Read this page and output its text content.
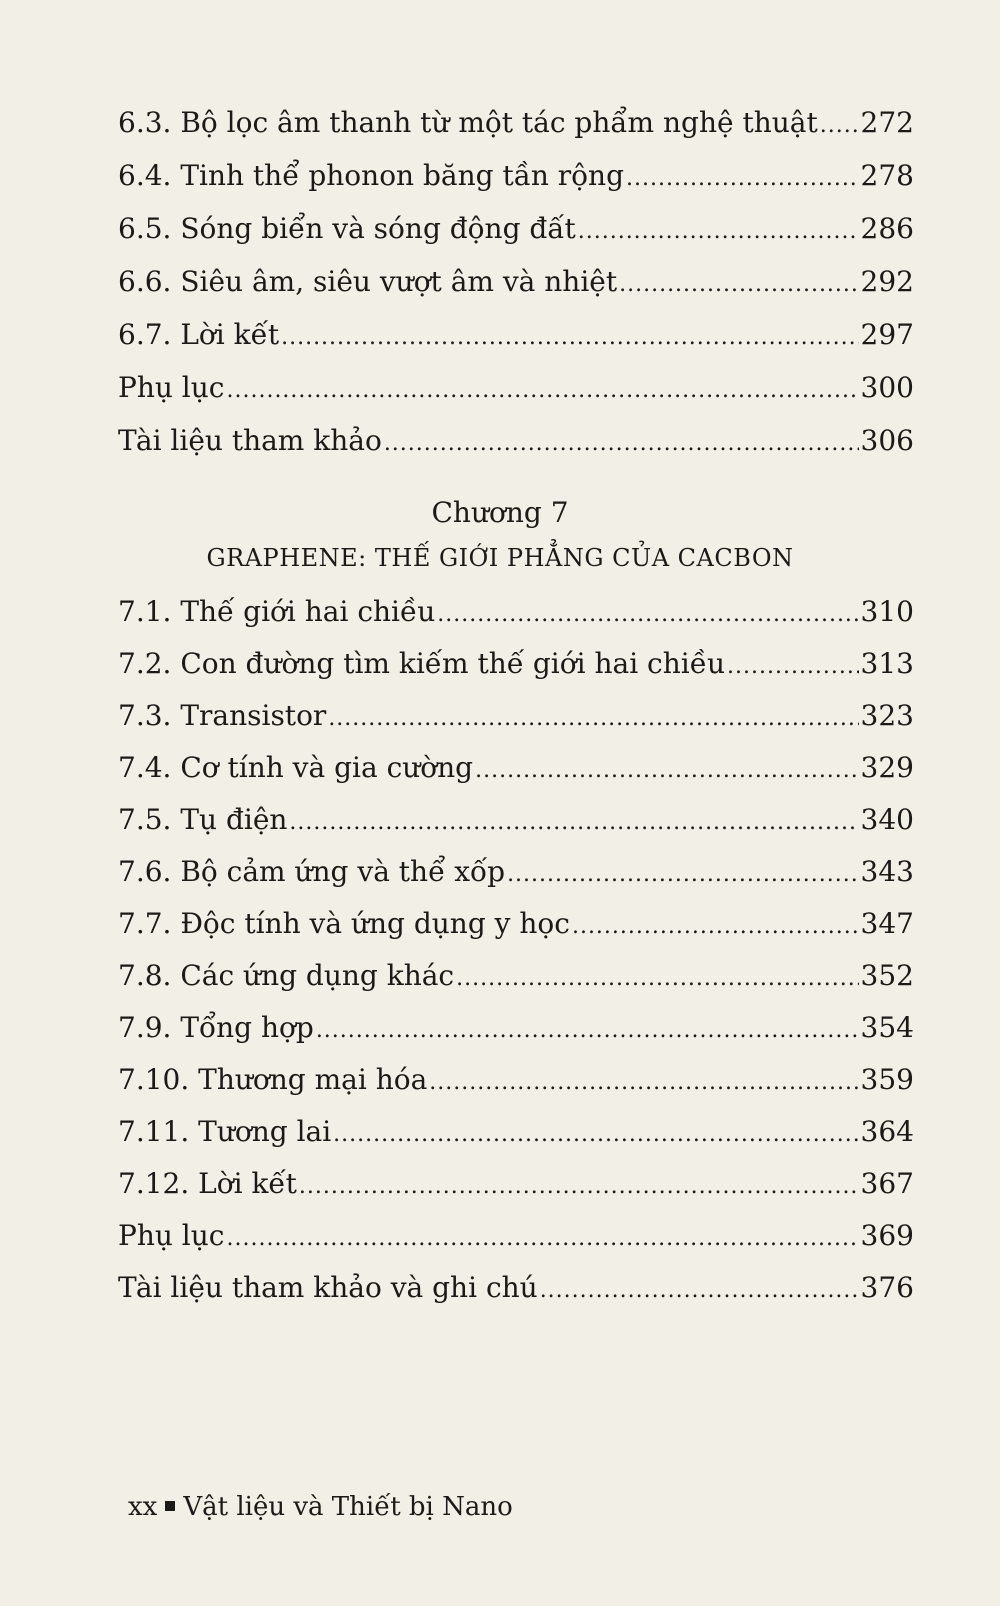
6.3. Bộ lọc âm thanh từ một tác phẩm nghệ thuật ..... 272
6.4. Tinh thể phonon băng tần rộng .....	278
6.5. Sóng biển và sóng động đất .....	286
6.6. Siêu âm, siêu vượt âm và nhiệt .....	292
6.7. Lời kết .....	297
Phụ lục .....	300
Tài liệu tham khảo .....	306
Chương 7
GRAPHENE: THẾ GIỚI PHẲNG CỦA CACBON
7.1. Thế giới hai chiều .....	310
7.2. Con đường tìm kiếm thế giới hai chiều .....	313
7.3. Transistor .....	323
7.4. Cơ tính và gia cường .....	329
7.5. Tụ điện .....	340
7.6. Bộ cảm ứng và thể xốp .....	343
7.7. Độc tính và ứng dụng y học .....	347
7.8. Các ứng dụng khác .....	352
7.9. Tổng hợp .....	354
7.10. Thương mại hóa .....	359
7.11. Tương lai .....	364
7.12. Lời kết .....	367
Phụ lục .....	369
Tài liệu tham khảo và ghi chú .....	376
xx Vật liệu và Thiết bị Nano
